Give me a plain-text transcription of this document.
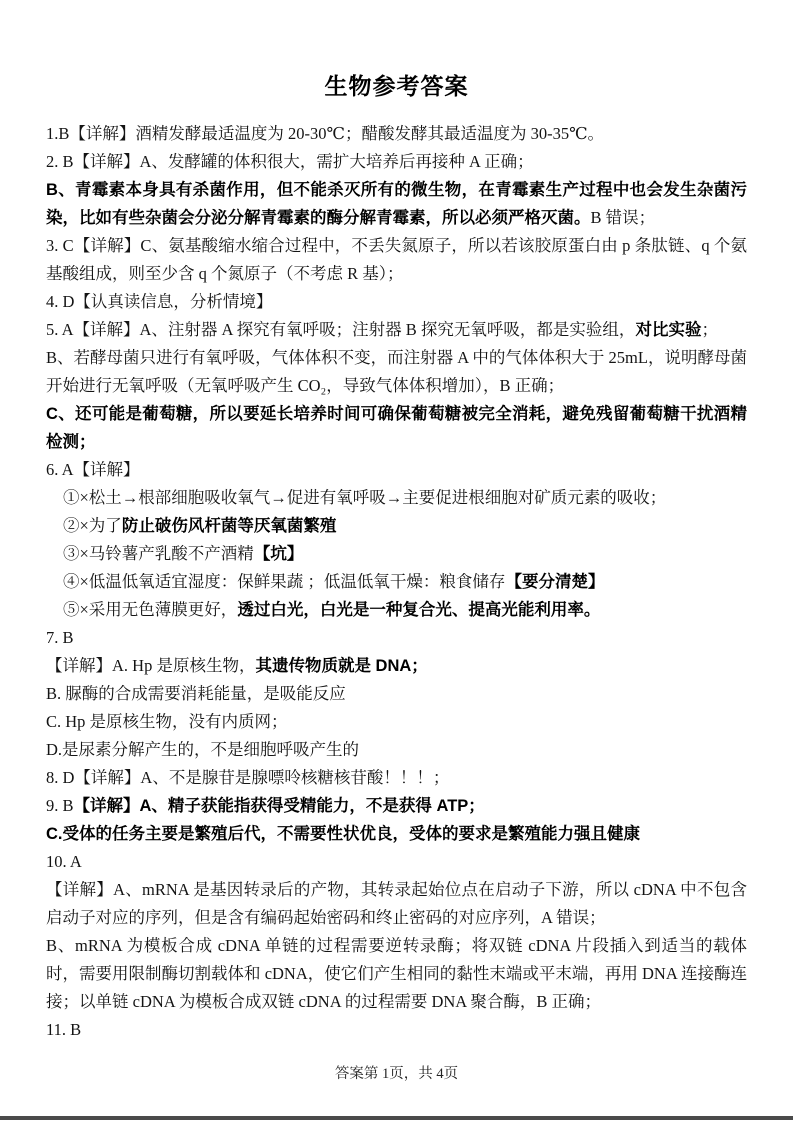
生物参考答案

1.B【详解】酒精发酵最适温度为 20-30℃；醋酸发酵其最适温度为 30-35℃。

2. B【详解】A、发酵罐的体积很大，需扩大培养后再接种 A 正确；

B、青霉素本身具有杀菌作用，但不能杀灭所有的微生物，在青霉素生产过程中也会发生杂菌污染，比如有些杂菌会分泌分解青霉素的酶分解青霉素，所以必须严格灭菌。B 错误；

3. C【详解】C、氨基酸缩水缩合过程中，不丢失氮原子，所以若该胶原蛋白由 p 条肽链、q 个氨基酸组成，则至少含 q 个氮原子（不考虑 R 基）；

4. D【认真读信息，分析情境】

5. A【详解】A、注射器 A 探究有氧呼吸；注射器 B 探究无氧呼吸，都是实验组，对比实验；

B、若酵母菌只进行有氧呼吸，气体体积不变，而注射器 A 中的气体体积大于 25mL，说明酵母菌开始进行无氧呼吸（无氧呼吸产生 CO₂，导致气体体积增加），B 正确；

C、还可能是葡萄糖，所以要延长培养时间可确保葡萄糖被完全消耗，避免残留葡萄糖干扰酒精检测；

6. A【详解】

①×松土→根部细胞吸收氧气→促进有氧呼吸→主要促进根细胞对矿质元素的吸收；

②×为了防止破伤风杆菌等厌氧菌繁殖

③×马铃薯产乳酸不产酒精【坑】

④×低温低氧适宜湿度：保鲜果蔬 ；低温低氧干燥：粮食储存【要分清楚】

⑤×采用无色薄膜更好，透过白光，白光是一种复合光、提高光能利用率。

7. B

【详解】A. Hp 是原核生物，其遗传物质就是 DNA；

B. 脲酶的合成需要消耗能量，是吸能反应

C. Hp 是原核生物，没有内质网；

D.是尿素分解产生的，不是细胞呼吸产生的

8. D【详解】A、不是腺苷是腺嘌呤核糖核苷酸！！！；

9. B【详解】A、精子获能指获得受精能力，不是获得 ATP；

C.受体的任务主要是繁殖后代，不需要性状优良，受体的要求是繁殖能力强且健康

10. A

【详解】A、mRNA 是基因转录后的产物，其转录起始位点在启动子下游，所以 cDNA 中不包含启动子对应的序列，但是含有编码起始密码和终止密码的对应序列，A 错误；

B、mRNA 为模板合成 cDNA 单链的过程需要逆转录酶；将双链 cDNA 片段插入到适当的载体时，需要用限制酶切割载体和 cDNA，使它们产生相同的黏性末端或平末端，再用 DNA 连接酶连接；以单链 cDNA 为模板合成双链 cDNA 的过程需要 DNA 聚合酶，B 正确；

11. B

答案第 1页，共 4页
